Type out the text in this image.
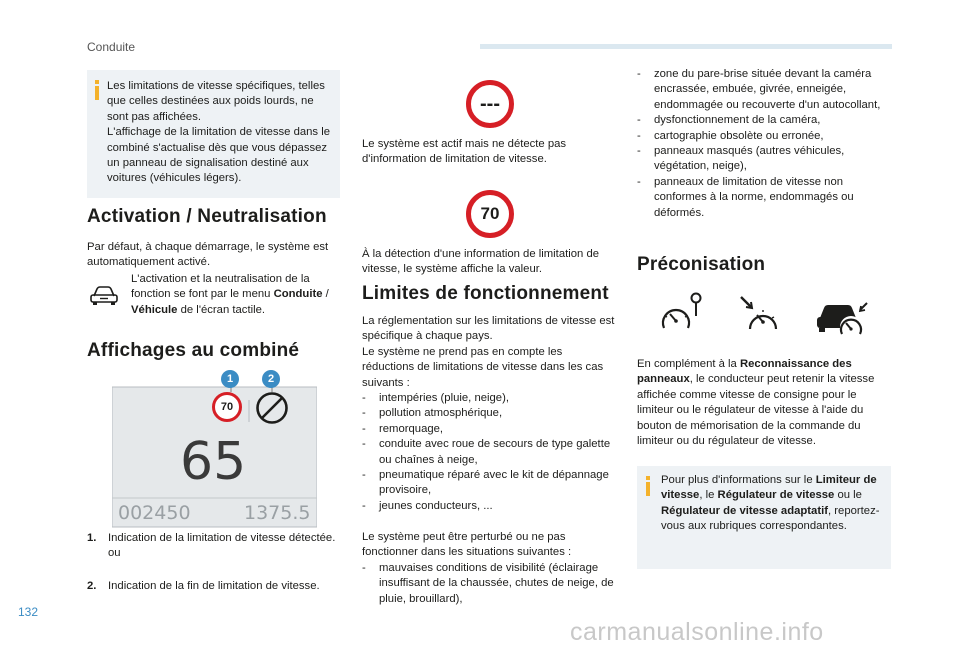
Conduite
Les limitations de vitesse spécifiques, telles que celles destinées aux poids lourds, ne sont pas affichées.
L'affichage de la limitation de vitesse dans le combiné s'actualise dès que vous dépassez un panneau de signalisation destiné aux voitures (véhicules légers).
Activation / Neutralisation
Par défaut, à chaque démarrage, le système est automatiquement activé.
L'activation et la neutralisation de la fonction se font par le menu Conduite / Véhicule de l'écran tactile.
Affichages au combiné
1	2
70
65
002450	1375.5
1. Indication de la limitation de vitesse détectée.
ou
2. Indication de la fin de limitation de vitesse.
---
Le système est actif mais ne détecte pas d'information de limitation de vitesse.
70
À la détection d'une information de limitation de vitesse, le système affiche la valeur.
Limites de fonctionnement
La réglementation sur les limitations de vitesse est spécifique à chaque pays.
Le système ne prend pas en compte les réductions de limitations de vitesse dans les cas suivants :
- intempéries (pluie, neige),
- pollution atmosphérique,
- remorquage,
- conduite avec roue de secours de type galette ou chaînes à neige,
- pneumatique réparé avec le kit de dépannage provisoire,
- jeunes conducteurs, ...
Le système peut être perturbé ou ne pas fonctionner dans les situations suivantes :
- mauvaises conditions de visibilité (éclairage insuffisant de la chaussée, chutes de neige, de pluie, brouillard),
- zone du pare-brise située devant la caméra encrassée, embuée, givrée, enneigée, endommagée ou recouverte d'un autocollant,
- dysfonctionnement de la caméra,
- cartographie obsolète ou erronée,
- panneaux masqués (autres véhicules, végétation, neige),
- panneaux de limitation de vitesse non conformes à la norme, endommagés ou déformés.
Préconisation
En complément à la Reconnaissance des panneaux, le conducteur peut retenir la vitesse affichée comme vitesse de consigne pour le limiteur ou le régulateur de vitesse à l'aide du bouton de mémorisation de la commande du limiteur ou du régulateur de vitesse.
Pour plus d'informations sur le Limiteur de vitesse, le Régulateur de vitesse ou le Régulateur de vitesse adaptatif, reportez-vous aux rubriques correspondantes.
132
carmanualsonline.info
